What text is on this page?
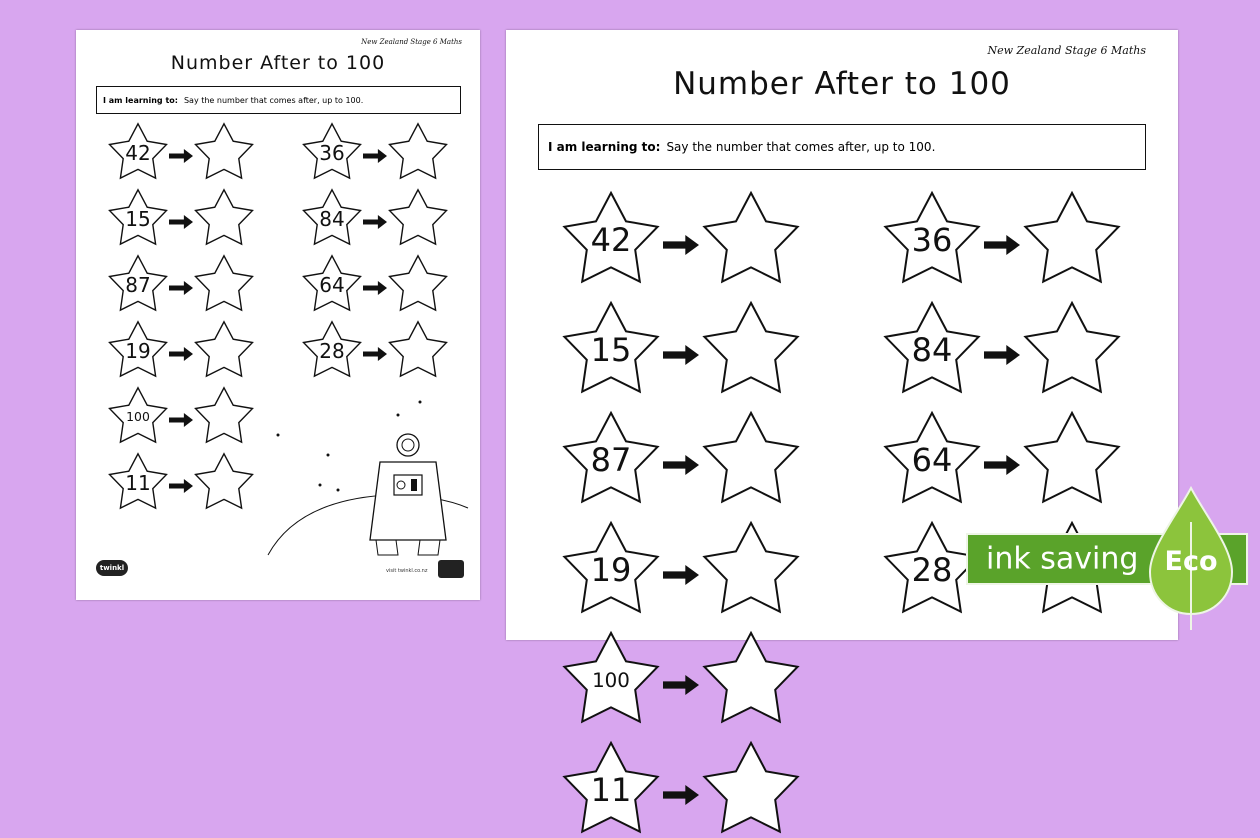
New Zealand Stage 6 Maths
Number After to 100
I am learning to: Say the number that comes after, up to 100.
42
15
87
19
100
11
36
84
64
28
twinkl	visit twinkl.co.nz
New Zealand Stage 6 Maths
Number After to 100
I am learning to: Say the number that comes after, up to 100.
42
15
87
19
100
11
36
84
64
28	ink saving Eco
